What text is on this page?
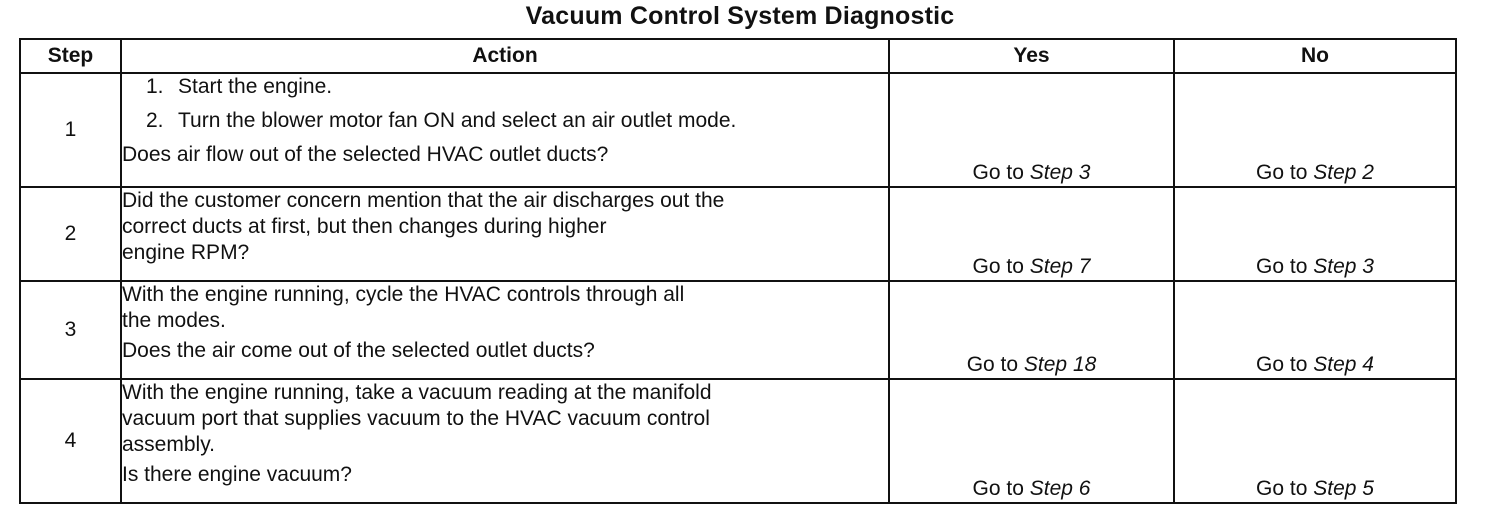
Vacuum Control System Diagnostic
Step	Action	Yes	No
1	1. Start the engine.
2. Turn the blower motor fan ON and select an air outlet mode.
Does air flow out of the selected HVAC outlet ducts?	Go to Step 3	Go to Step 2
2	Did the customer concern mention that the air discharges out the
correct ducts at first, but then changes during higher
engine RPM?	Go to Step 7	Go to Step 3
3	With the engine running, cycle the HVAC controls through all
the modes.
Does the air come out of the selected outlet ducts?	Go to Step 18	Go to Step 4
4	With the engine running, take a vacuum reading at the manifold
vacuum port that supplies vacuum to the HVAC vacuum control
assembly.
Is there engine vacuum?	Go to Step 6	Go to Step 5
